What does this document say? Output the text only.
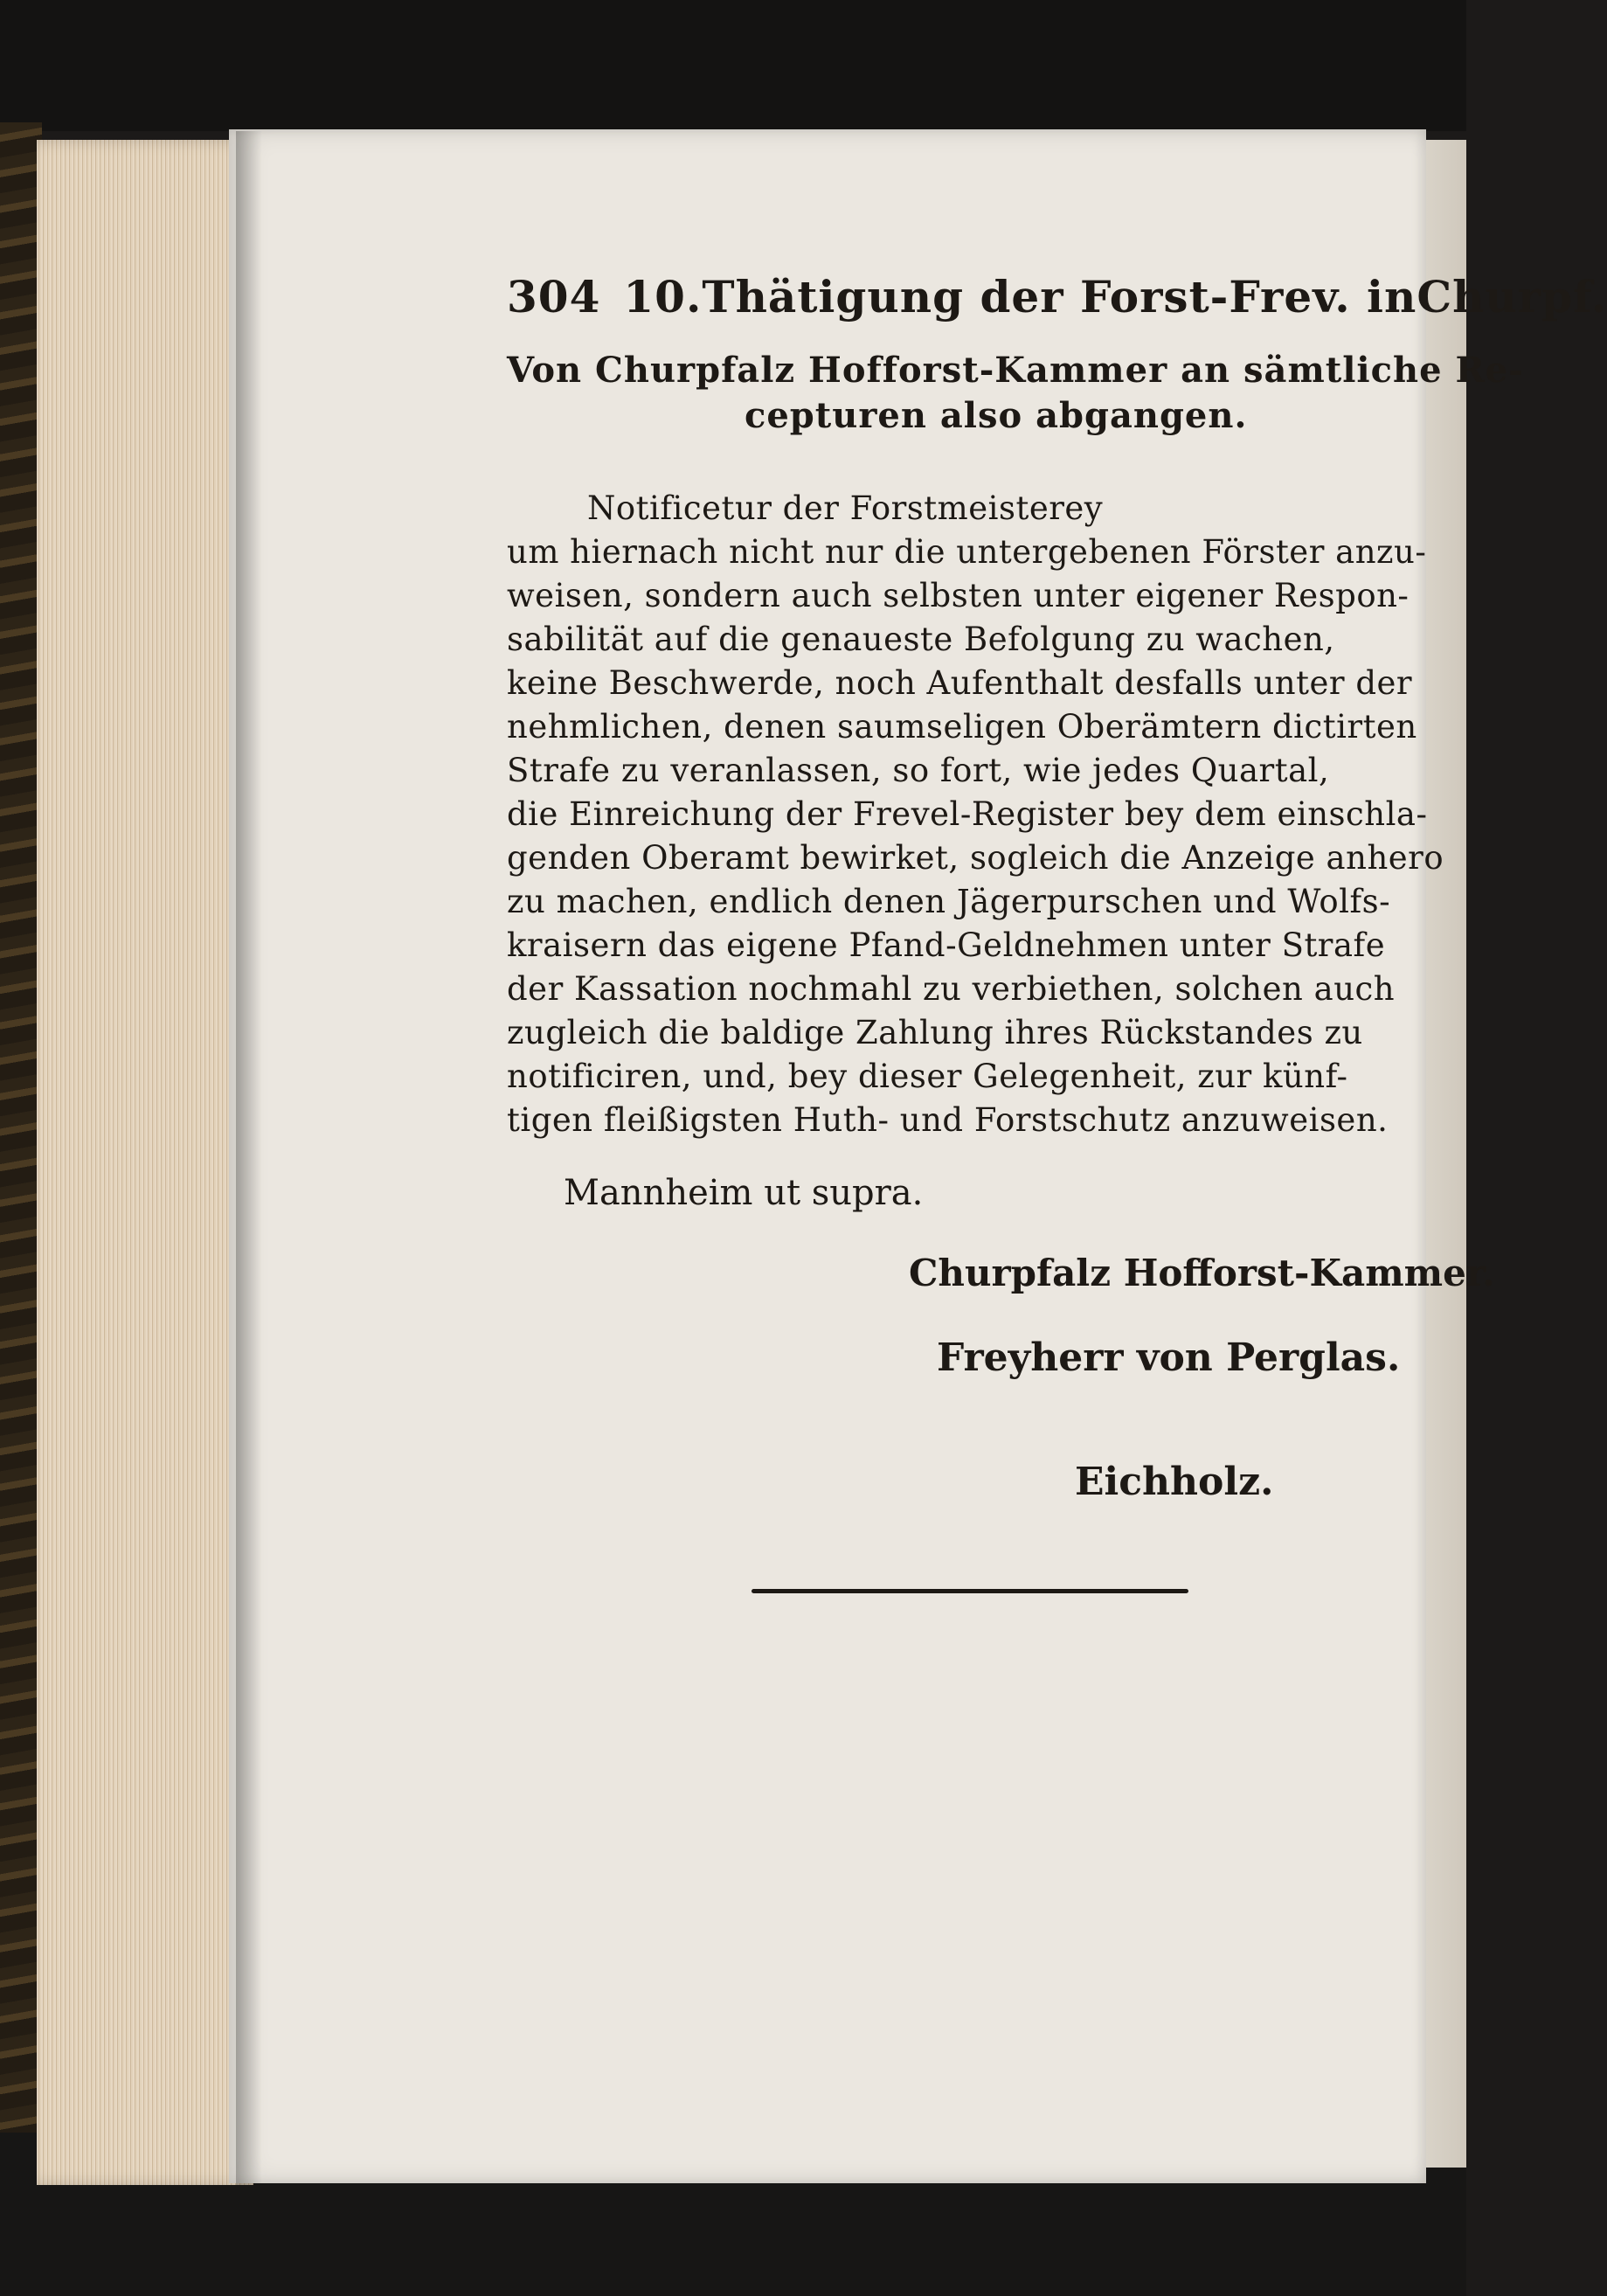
304 10.Thätigung der Forst-Frev. inChurpf.
Von Churpfalz Hofforst-Kammer an sämtliche Re-
cepturen also abgangen.
Notificetur der Forstmeisterey
um hiernach nicht nur die untergebenen Förster anzu-
weisen, sondern auch selbsten unter eigener Respon-
sabilität auf die genaueste Befolgung zu wachen,
keine Beschwerde, noch Aufenthalt desfalls unter der
nehmlichen, denen saumseligen Oberämtern dictirten
Strafe zu veranlassen, so fort, wie jedes Quartal,
die Einreichung der Frevel-Register bey dem einschla-
genden Oberamt bewirket, sogleich die Anzeige anhero
zu machen, endlich denen Jägerpurschen und Wolfs-
kraisern das eigene Pfand-Geldnehmen unter Strafe
der Kassation nochmahl zu verbiethen, solchen auch
zugleich die baldige Zahlung ihres Rückstandes zu
notificiren, und, bey dieser Gelegenheit, zur künf-
tigen fleißigsten Huth- und Forstschutz anzuweisen.
Mannheim ut supra.
Churpfalz Hofforst-Kammer.
Freyherr von Perglas.
Eichholz.
